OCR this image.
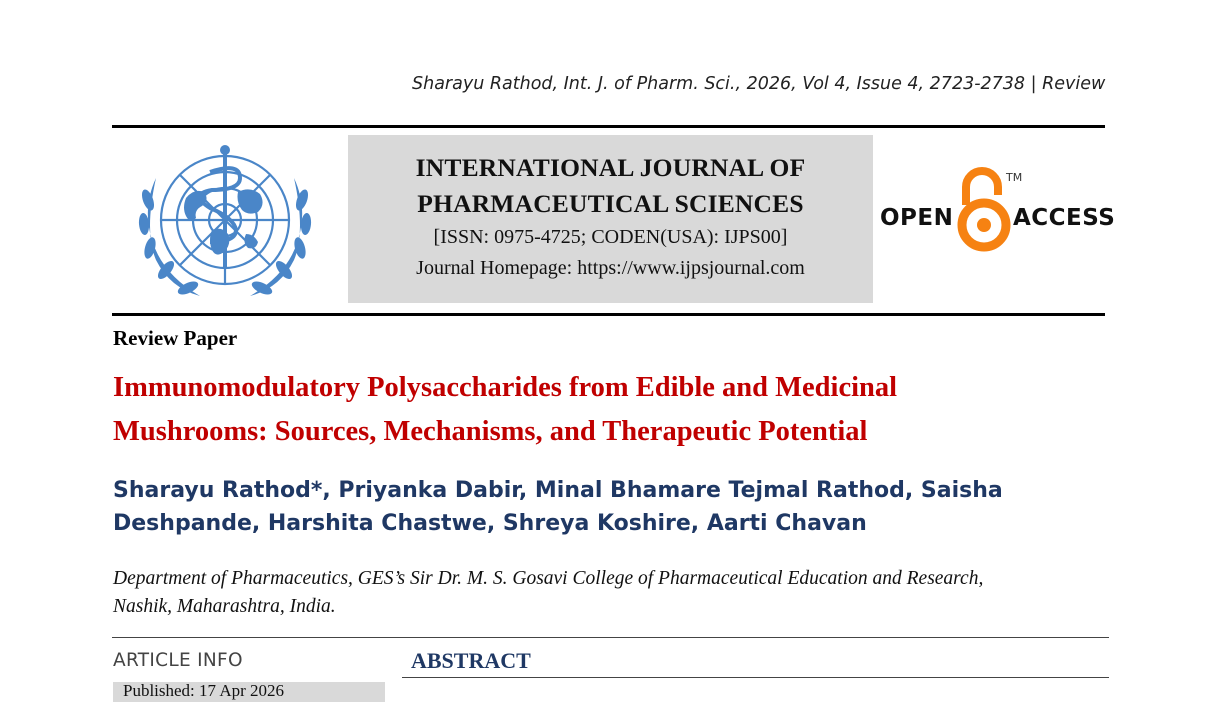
Sharayu Rathod, Int. J. of Pharm. Sci., 2026, Vol 4, Issue 4, 2723-2738 | Review
INTERNATIONAL JOURNAL OF
PHARMACEUTICAL SCIENCES
[ISSN: 0975-4725; CODEN(USA): IJPS00]
Journal Homepage: https://www.ijpsjournal.com
OPEN
TM
ACCESS
Review Paper
Immunomodulatory Polysaccharides from Edible and Medicinal
Mushrooms: Sources, Mechanisms, and Therapeutic Potential
Sharayu Rathod*, Priyanka Dabir, Minal Bhamare Tejmal Rathod, Saisha
Deshpande, Harshita Chastwe, Shreya Koshire, Aarti Chavan
Department of Pharmaceutics, GES’s Sir Dr. M. S. Gosavi College of Pharmaceutical Education and Research,
Nashik, Maharashtra, India.
ARTICLE INFO	ABSTRACT
Published: 17 Apr 2026
